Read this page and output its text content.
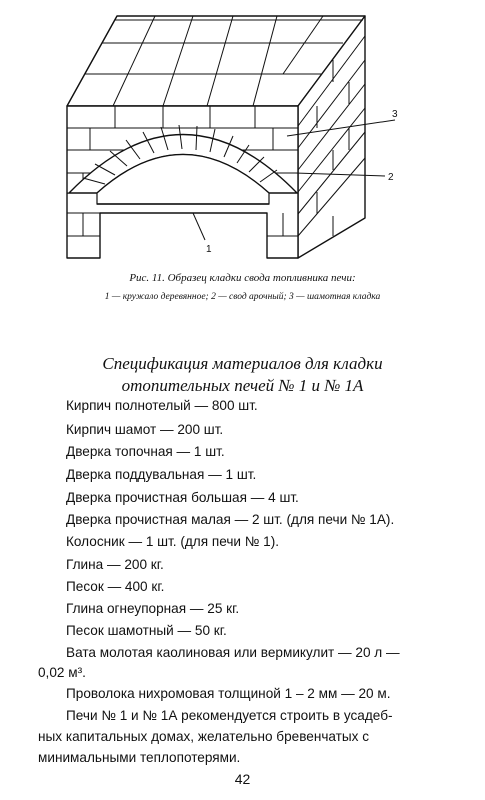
1
2
3
Рис. 11. Образец кладки свода топливника печи:
1 — кружало деревянное; 2 — свод арочный; 3 — шамотная кладка
Спецификация материалов для кладки
отопительных печей № 1 и № 1А
Кирпич полнотелый — 800 шт.
Кирпич шамот — 200 шт.
Дверка топочная — 1 шт.
Дверка поддувальная — 1 шт.
Дверка прочистная большая — 4 шт.
Дверка прочистная малая — 2 шт. (для печи № 1А).
Колосник — 1 шт. (для печи № 1).
Глина — 200 кг.
Песок — 400 кг.
Глина огнеупорная — 25 кг.
Песок шамотный — 50 кг.
Вата молотая каолиновая или вермикулит — 20 л —
0,02 м³.
Проволока нихромовая толщиной 1 – 2 мм — 20 м.
Печи № 1 и № 1А рекомендуется строить в усадеб-
ных капитальных домах, желательно бревенчатых с
минимальными теплопотерями.
42
